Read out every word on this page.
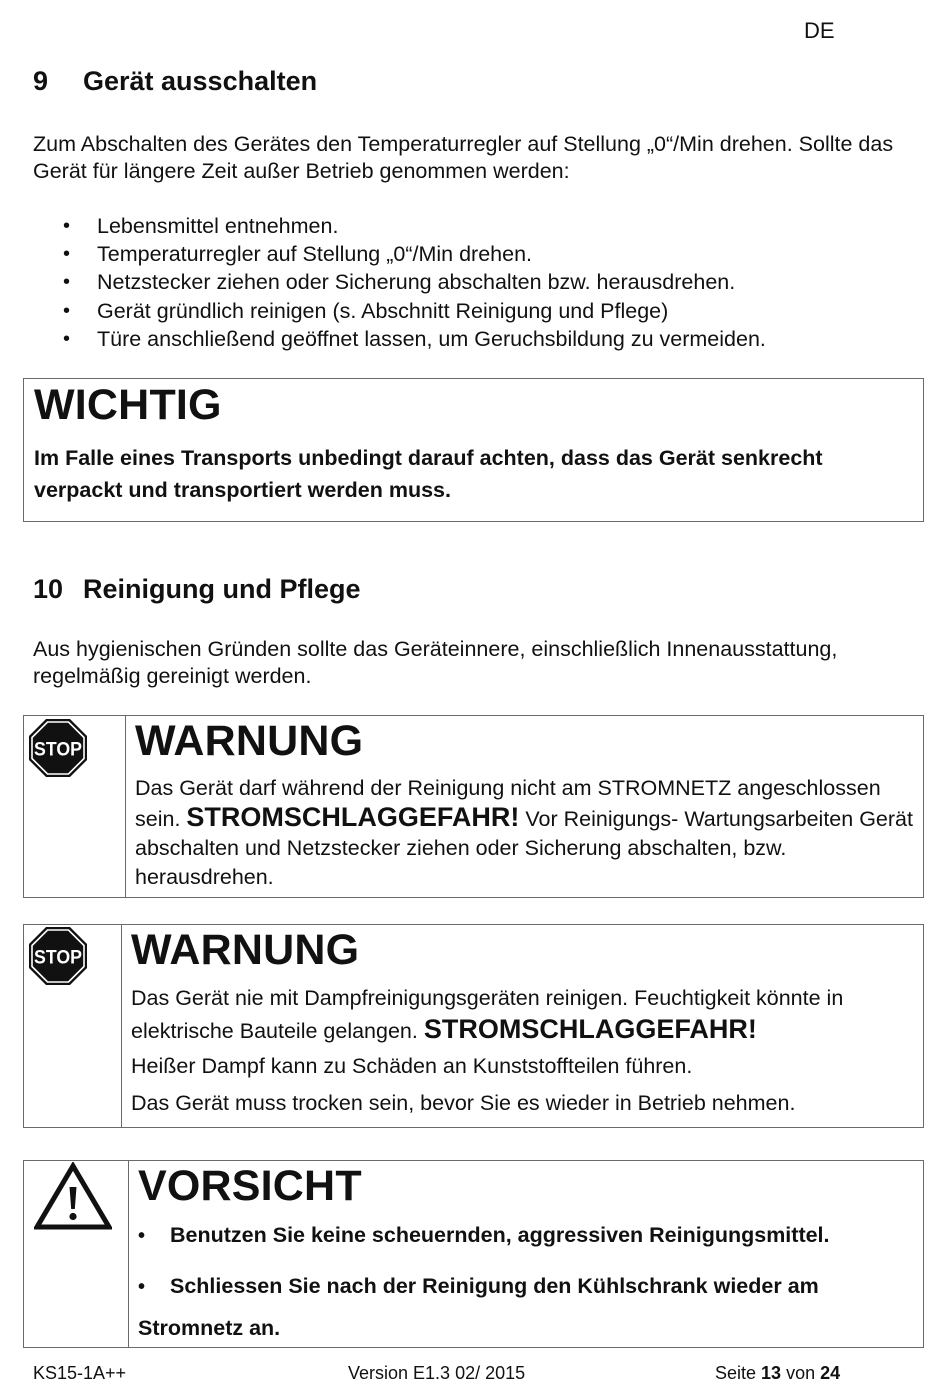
DE
9 Gerät ausschalten
Zum Abschalten des Gerätes den Temperaturregler auf Stellung „0“/Min drehen. Sollte das Gerät für längere Zeit außer Betrieb genommen werden:
• Lebensmittel entnehmen.
• Temperaturregler auf Stellung „0“/Min drehen.
• Netzstecker ziehen oder Sicherung abschalten bzw. herausdrehen.
• Gerät gründlich reinigen (s. Abschnitt Reinigung und Pflege)
• Türe anschließend geöffnet lassen, um Geruchsbildung zu vermeiden.
WICHTIG
Im Falle eines Transports unbedingt darauf achten, dass das Gerät senkrecht verpackt und transportiert werden muss.
10 Reinigung und Pflege
Aus hygienischen Gründen sollte das Geräteinnere, einschließlich Innenausstattung, regelmäßig gereinigt werden.
STOP WARNUNG
Das Gerät darf während der Reinigung nicht am STROMNETZ angeschlossen sein. STROMSCHLAGGEFAHR! Vor Reinigungs- Wartungsarbeiten Gerät abschalten und Netzstecker ziehen oder Sicherung abschalten, bzw. herausdrehen.
STOP WARNUNG
Das Gerät nie mit Dampfreinigungsgeräten reinigen. Feuchtigkeit könnte in elektrische Bauteile gelangen. STROMSCHLAGGEFAHR!
Heißer Dampf kann zu Schäden an Kunststoffteilen führen.
Das Gerät muss trocken sein, bevor Sie es wieder in Betrieb nehmen.
VORSICHT
• Benutzen Sie keine scheuernden, aggressiven Reinigungsmittel.
• Schliessen Sie nach der Reinigung den Kühlschrank wieder am Stromnetz an.
KS15-1A++	Version E1.3 02/ 2015	Seite 13 von 24
